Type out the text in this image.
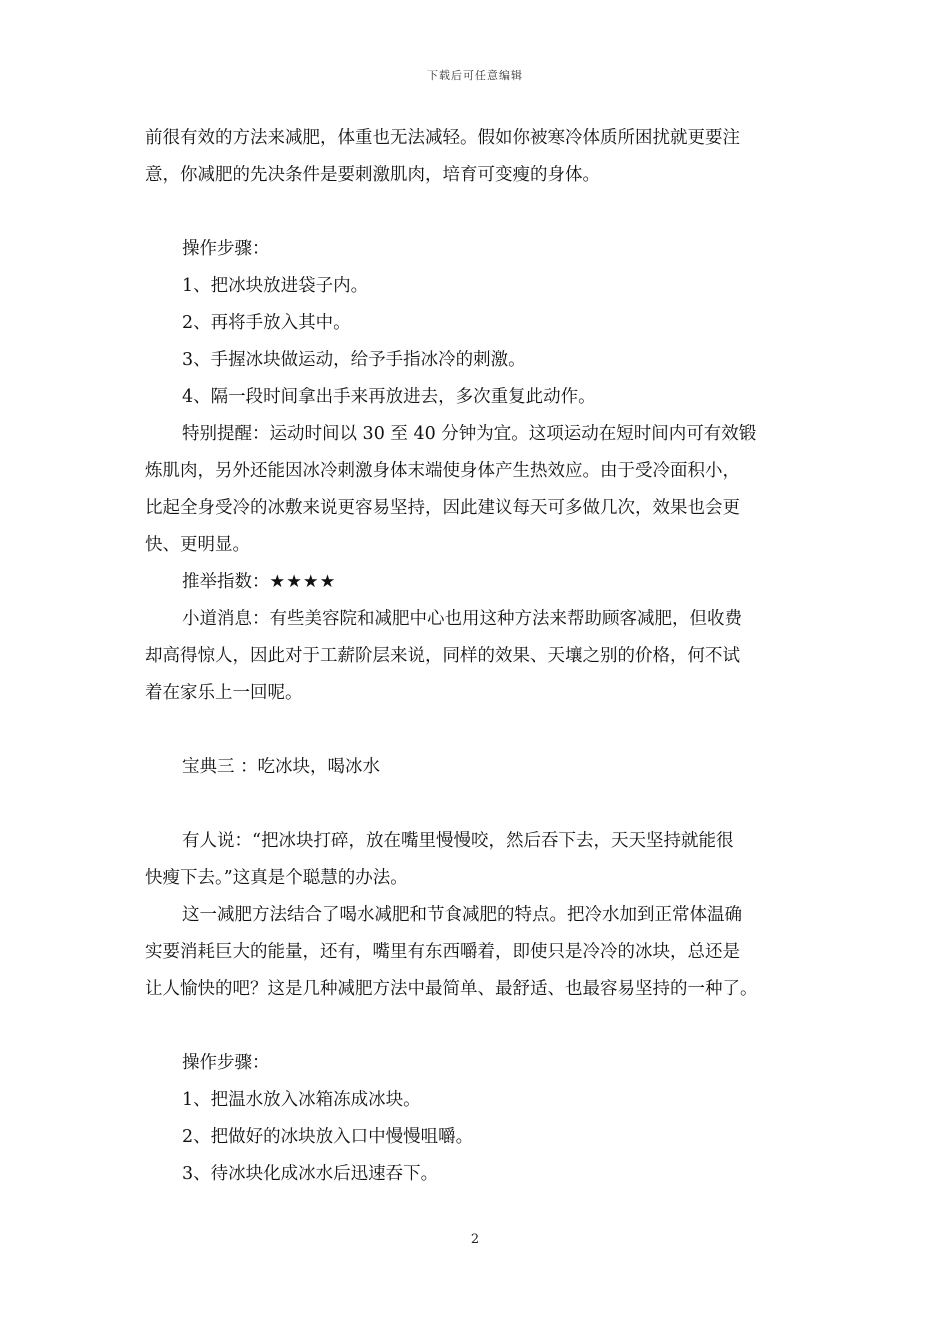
下载后可任意编辑
前很有效的方法来减肥，体重也无法减轻。假如你被寒冷体质所困扰就更要注
意，你减肥的先决条件是要刺激肌肉，培育可变瘦的身体。
操作步骤：
1、把冰块放进袋子内。
2、再将手放入其中。
3、手握冰块做运动，给予手指冰冷的刺激。
4、隔一段时间拿出手来再放进去，多次重复此动作。
特别提醒：运动时间以 30 至 40 分钟为宜。这项运动在短时间内可有效锻
炼肌肉，另外还能因冰冷刺激身体末端使身体产生热效应。由于受冷面积小，
比起全身受冷的冰敷来说更容易坚持，因此建议每天可多做几次，效果也会更
快、更明显。
推举指数：★★★★
小道消息：有些美容院和减肥中心也用这种方法来帮助顾客减肥，但收费
却高得惊人，因此对于工薪阶层来说，同样的效果、天壤之别的价格，何不试
着在家乐上一回呢。
宝典三 ：吃冰块，喝冰水
有人说：“把冰块打碎，放在嘴里慢慢咬，然后吞下去，天天坚持就能很
快瘦下去。”这真是个聪慧的办法。
这一减肥方法结合了喝水减肥和节食减肥的特点。把冷水加到正常体温确
实要消耗巨大的能量，还有，嘴里有东西嚼着，即使只是冷冷的冰块，总还是
让人愉快的吧？这是几种减肥方法中最简单、最舒适、也最容易坚持的一种了。
操作步骤：
1、把温水放入冰箱冻成冰块。
2、把做好的冰块放入口中慢慢咀嚼。
3、待冰块化成冰水后迅速吞下。
2
